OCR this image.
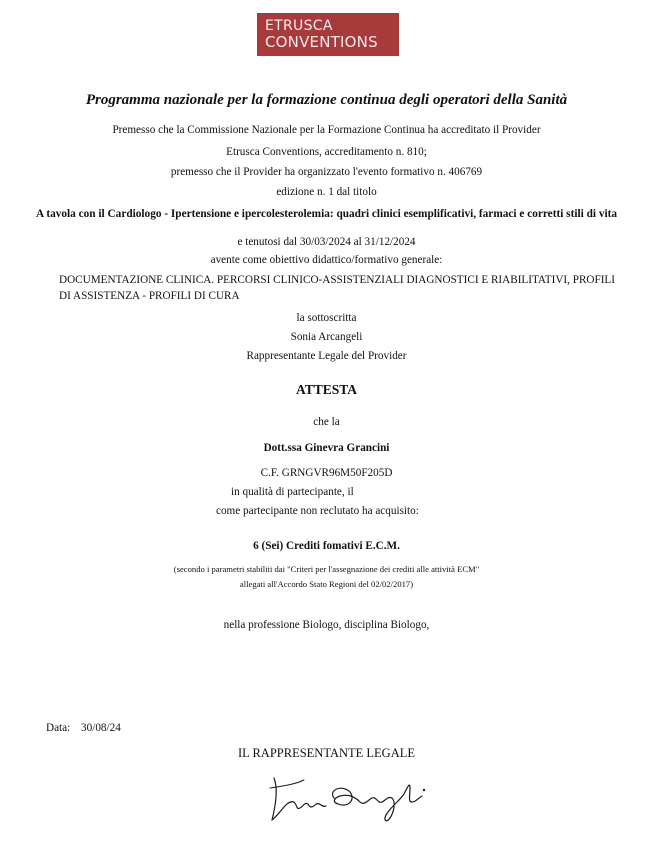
ETRUSCA
CONVENTIONS
Programma nazionale per la formazione continua degli operatori della Sanità
Premesso che la Commissione Nazionale per la Formazione Continua ha accreditato il Provider
Etrusca Conventions, accreditamento n. 810;
premesso che il Provider ha organizzato l'evento formativo n. 406769
edizione n. 1 dal titolo
A tavola con il Cardiologo - Ipertensione e ipercolesterolemia: quadri clinici esemplificativi, farmaci e corretti stili di vita
e tenutosi dal 30/03/2024 al 31/12/2024
avente come obiettivo didattico/formativo generale:
DOCUMENTAZIONE CLINICA. PERCORSI CLINICO-ASSISTENZIALI DIAGNOSTICI E RIABILITATIVI, PROFILI DI ASSISTENZA - PROFILI DI CURA
la sottoscritta
Sonia Arcangeli
Rappresentante Legale del Provider
ATTESTA
che la
Dott.ssa Ginevra Grancini
C.F. GRNGVR96M50F205D
in qualità di partecipante, il
come partecipante non reclutato ha acquisito:
6 (Sei) Crediti fomativi E.C.M.
(secondo i parametri stabiliti dai "Criteri per l'assegnazione dei crediti alle attività ECM"
allegati all'Accordo Stato Regioni del 02/02/2017)
nella professione Biologo, disciplina Biologo,
Data: 30/08/24
IL RAPPRESENTANTE LEGALE
